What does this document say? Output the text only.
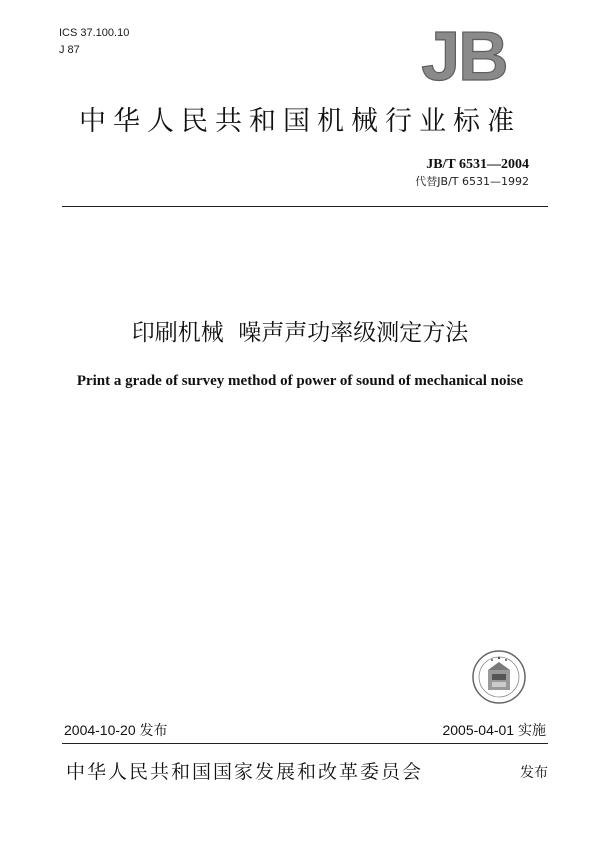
ICS 37.100.10
J 87	JB
中华人民共和国机械行业标准
JB/T 6531—2004
代替JB/T 6531—1992
印刷机械  噪声声功率级测定方法
Print a grade of survey method of power of sound of mechanical noise
2004-10-20 发布	2005-04-01 实施
中华人民共和国国家发展和改革委员会	发布
